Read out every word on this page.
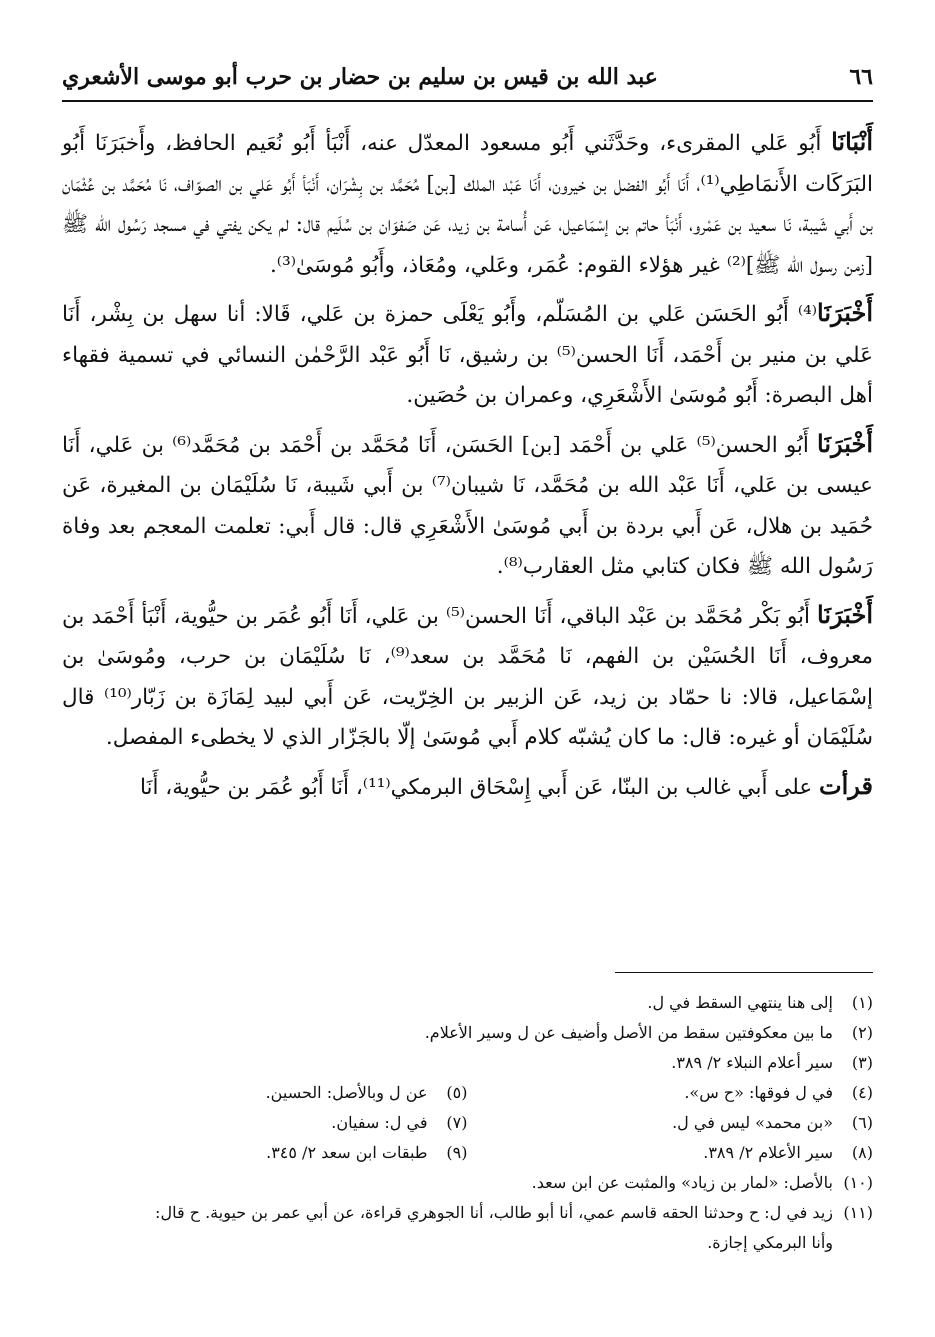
٦٦
عبد الله بن قيس بن سليم بن حضار بن حرب أبو موسى الأشعري

أَنْبَانَا أَبُو عَلي المقرىء، وحَدَّثَني أَبُو مسعود المعدّل عنه، أَنْبَأ أَبُو نُعَيم الحافظ، وأَخبَرَنَا أَبُو البَرَكَات الأَنمَاطِي⁽¹⁾، أَنَا أَبُو الفضل بن خيرون، أَنَا عَبْد الملك [بن] مُحَمَّد بن بِشْرَان، أَنْبَأ أَبُو عَلي بن الصوّاف، نَا مُحَمَّد بن عُثْمَان بن أَبي شَيبة، نَا سعيد بن عَمْرو، أَنْبَأ حاتم بن إسْمَاعيل، عَن أُسامة بن زيد، عَن صَفوَان بن سُلَيم قال: لم يكن يفتي في مسجد رَسُول الله ﷺ [زمن رسول الله ﷺ]⁽²⁾ غير هؤلاء القوم: عُمَر، وعَلي، ومُعَاذ، وأَبُو مُوسَىٰ⁽³⁾.

أَخْبَرَنَا⁽⁴⁾ أَبُو الحَسَن عَلي بن المُسَلّم، وأَبُو يَعْلَى حمزة بن عَلي، قَالا: أنا سهل بن بِشْر، أَنَا عَلي بن منير بن أَحْمَد، أَنَا الحسن⁽⁵⁾ بن رشيق، نَا أَبُو عَبْد الرَّحْمٰن النسائي في تسمية فقهاء أهل البصرة: أَبُو مُوسَىٰ الأَشْعَرِي، وعمران بن حُصَين.

أَخْبَرَنَا أَبُو الحسن⁽⁵⁾ عَلي بن أَحْمَد [بن] الحَسَن، أَنَا مُحَمَّد بن أَحْمَد بن مُحَمَّد⁽⁶⁾ بن عَلي، أَنَا عيسى بن عَلي، أَنَا عَبْد الله بن مُحَمَّد، نَا شيبان⁽⁷⁾ بن أَبي شَيبة، نَا سُلَيْمَان بن المغيرة، عَن حُمَيد بن هلال، عَن أَبي بردة بن أَبي مُوسَىٰ الأَشْعَرِي قال: قال أَبي: تعلمت المعجم بعد وفاة رَسُول الله ﷺ فكان كتابي مثل العقارب⁽⁸⁾.

أَخْبَرَنَا أَبُو بَكْر مُحَمَّد بن عَبْد الباقي، أَنَا الحسن⁽⁵⁾ بن عَلي، أَنَا أَبُو عُمَر بن حيُّوية، أَنْبَأ أَحْمَد بن معروف، أَنَا الحُسَيْن بن الفهم، نَا مُحَمَّد بن سعد⁽⁹⁾، نَا سُلَيْمَان بن حرب، ومُوسَىٰ بن إسْمَاعيل، قالا: نا حمّاد بن زيد، عَن الزبير بن الخِرّيت، عَن أَبي لبيد لِمَازَة بن زَبّار⁽¹⁰⁾ قال سُلَيْمَان أو غيره: قال: ما كان يُشبّه كلام أَبي مُوسَىٰ إلّا بالجَزّار الذي لا يخطىء المفصل.

قرأت على أَبي غالب بن البنّا، عَن أَبي إِسْحَاق البرمكي⁽¹¹⁾، أَنَا أَبُو عُمَر بن حيُّوية، أَنَا

(١)
إلى هنا ينتهي السقط في ل.
(٢)
ما بين معكوفتين سقط من الأصل وأضيف عن ل وسير الأعلام.
(٣)
سير أعلام النبلاء ٢/ ٣٨٩.
(٤)
في ل فوقها: «ح س».
(٥)
عن ل وبالأصل: الحسين.
(٦)
«بن محمد» ليس في ل.
(٧)
في ل: سفيان.
(٨)
سير الأعلام ٢/ ٣٨٩.
(٩)
طبقات ابن سعد ٢/ ٣٤٥.
(١٠)
بالأصل: «لمار بن زياد» والمثبت عن ابن سعد.
(١١)
زيد في ل: ح وحدثنا الحقه قاسم عمي، أنا أبو طالب، أنا الجوهري قراءة، عن أبي عمر بن حيوية. ح قال:
وأنا البرمكي إجازة.
